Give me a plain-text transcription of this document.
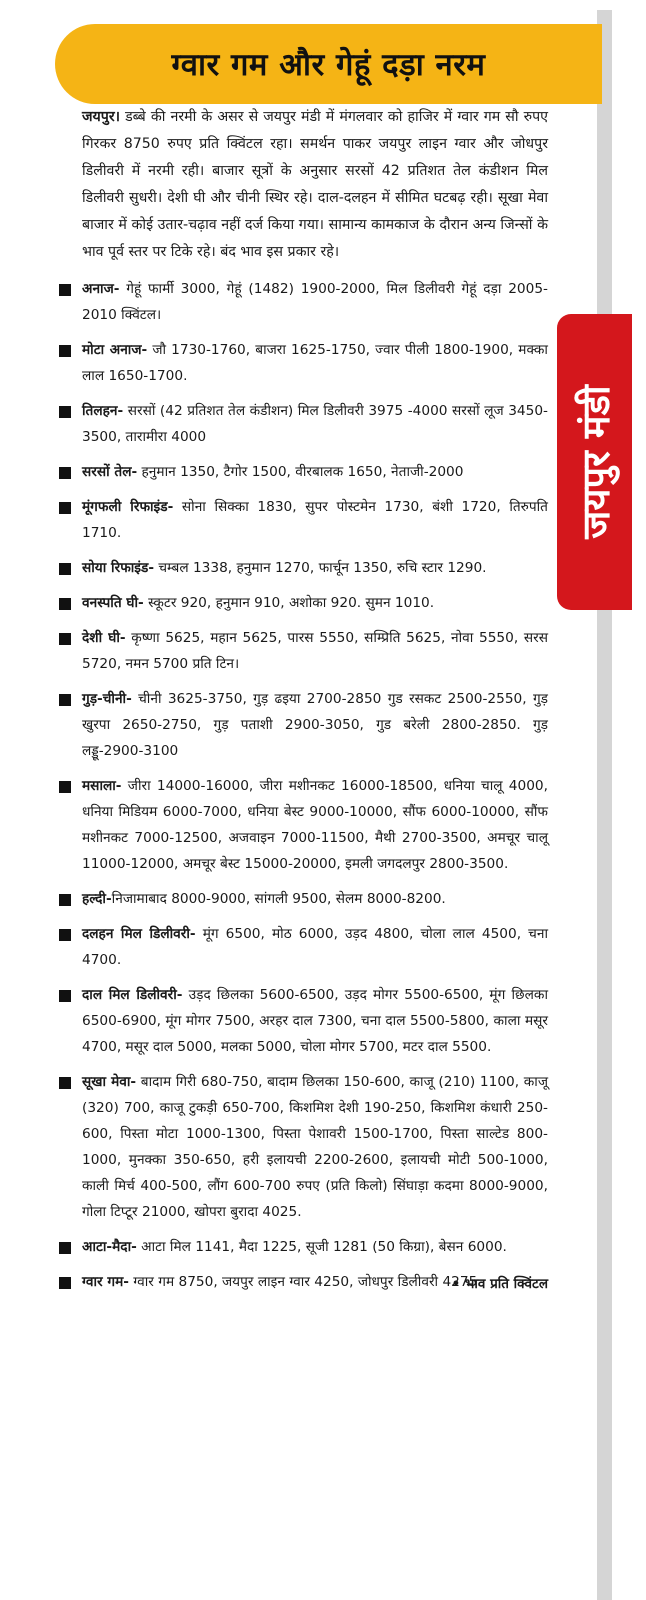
ग्वार गम और गेहूं दड़ा नरम
जयपुर मंडी

जयपुर। डब्बे की नरमी के असर से जयपुर मंडी में मंगलवार को हाजिर में ग्वार गम सौ रुपए गिरकर 8750 रुपए प्रति क्विंटल रहा। समर्थन पाकर जयपुर लाइन ग्वार और जोधपुर डिलीवरी में नरमी रही। बाजार सूत्रों के अनुसार सरसों 42 प्रतिशत तेल कंडीशन मिल डिलीवरी सुधरी। देशी घी और चीनी स्थिर रहे। दाल-दलहन में सीमित घटबढ़ रही। सूखा मेवा बाजार में कोई उतार-चढ़ाव नहीं दर्ज किया गया। सामान्य कामकाज के दौरान अन्य जिन्सों के भाव पूर्व स्तर पर टिके रहे। बंद भाव इस प्रकार रहे।

अनाज- गेहूं फार्मी 3000, गेहूं (1482) 1900-2000, मिल डिलीवरी गेहूं दड़ा 2005-2010 क्विंटल।
मोटा अनाज- जौ 1730-1760, बाजरा 1625-1750, ज्वार पीली 1800-1900, मक्का लाल 1650-1700.
तिलहन- सरसों (42 प्रतिशत तेल कंडीशन) मिल डिलीवरी 3975 -4000 सरसों लूज 3450-3500, तारामीरा 4000
सरसों तेल- हनुमान 1350, टैगोर 1500, वीरबालक 1650, नेताजी-2000
मूंगफली रिफाइंड- सोना सिक्का 1830, सुपर पोस्टमेन 1730, बंशी 1720, तिरुपति 1710.
सोया रिफाइंड- चम्बल 1338, हनुमान 1270, फार्चून 1350, रुचि स्टार 1290.
वनस्पति घी- स्कूटर 920, हनुमान 910, अशोका 920. सुमन 1010.
देशी घी- कृष्णा 5625, महान 5625, पारस 5550, सम्प्रिति 5625, नोवा 5550, सरस 5720, नमन 5700 प्रति टिन।
गुड़-चीनी- चीनी 3625-3750, गुड़ ढइया 2700-2850 गुड रसकट 2500-2550, गुड़ खुरपा 2650-2750, गुड़ पताशी 2900-3050, गुड बरेली 2800-2850. गुड़ लड्डू-2900-3100
मसाला- जीरा 14000-16000, जीरा मशीनकट 16000-18500, धनिया चालू 4000, धनिया मिडियम 6000-7000, धनिया बेस्ट 9000-10000, सौंफ 6000-10000, सौंफ मशीनकट 7000-12500, अजवाइन 7000-11500, मैथी 2700-3500, अमचूर चालू 11000-12000, अमचूर बेस्ट 15000-20000, इमली जगदलपुर 2800-3500.
हल्दी-निजामाबाद 8000-9000, सांगली 9500, सेलम 8000-8200.
दलहन मिल डिलीवरी- मूंग 6500, मोठ 6000, उड़द 4800, चोला लाल 4500, चना 4700.
दाल मिल डिलीवरी- उड़द छिलका 5600-6500, उड़द मोगर 5500-6500, मूंग छिलका 6500-6900, मूंग मोगर 7500, अरहर दाल 7300, चना दाल 5500-5800, काला मसूर 4700, मसूर दाल 5000, मलका 5000, चोला मोगर 5700, मटर दाल 5500.
सूखा मेवा- बादाम गिरी 680-750, बादाम छिलका 150-600, काजू (210) 1100, काजू (320) 700, काजू टुकड़ी 650-700, किशमिश देशी 190-250, किशमिश कंधारी 250-600, पिस्ता मोटा 1000-1300, पिस्ता पेशावरी 1500-1700, पिस्ता साल्टेड 800-1000, मुनक्का 350-650, हरी इलायची 2200-2600, इलायची मोटी 500-1000, काली मिर्च 400-500, लौंग 600-700 रुपए (प्रति किलो) सिंघाड़ा कदमा 8000-9000, गोला टिप्टूर 21000, खोपरा बुरादा 4025.
आटा-मैदा- आटा मिल 1141, मैदा 1225, सूजी 1281 (50 किग्रा), बेसन 6000.
ग्वार गम- ग्वार गम 8750, जयपुर लाइन ग्वार 4250, जोधपुर डिलीवरी 4275.
• भाव प्रति क्विंटल
